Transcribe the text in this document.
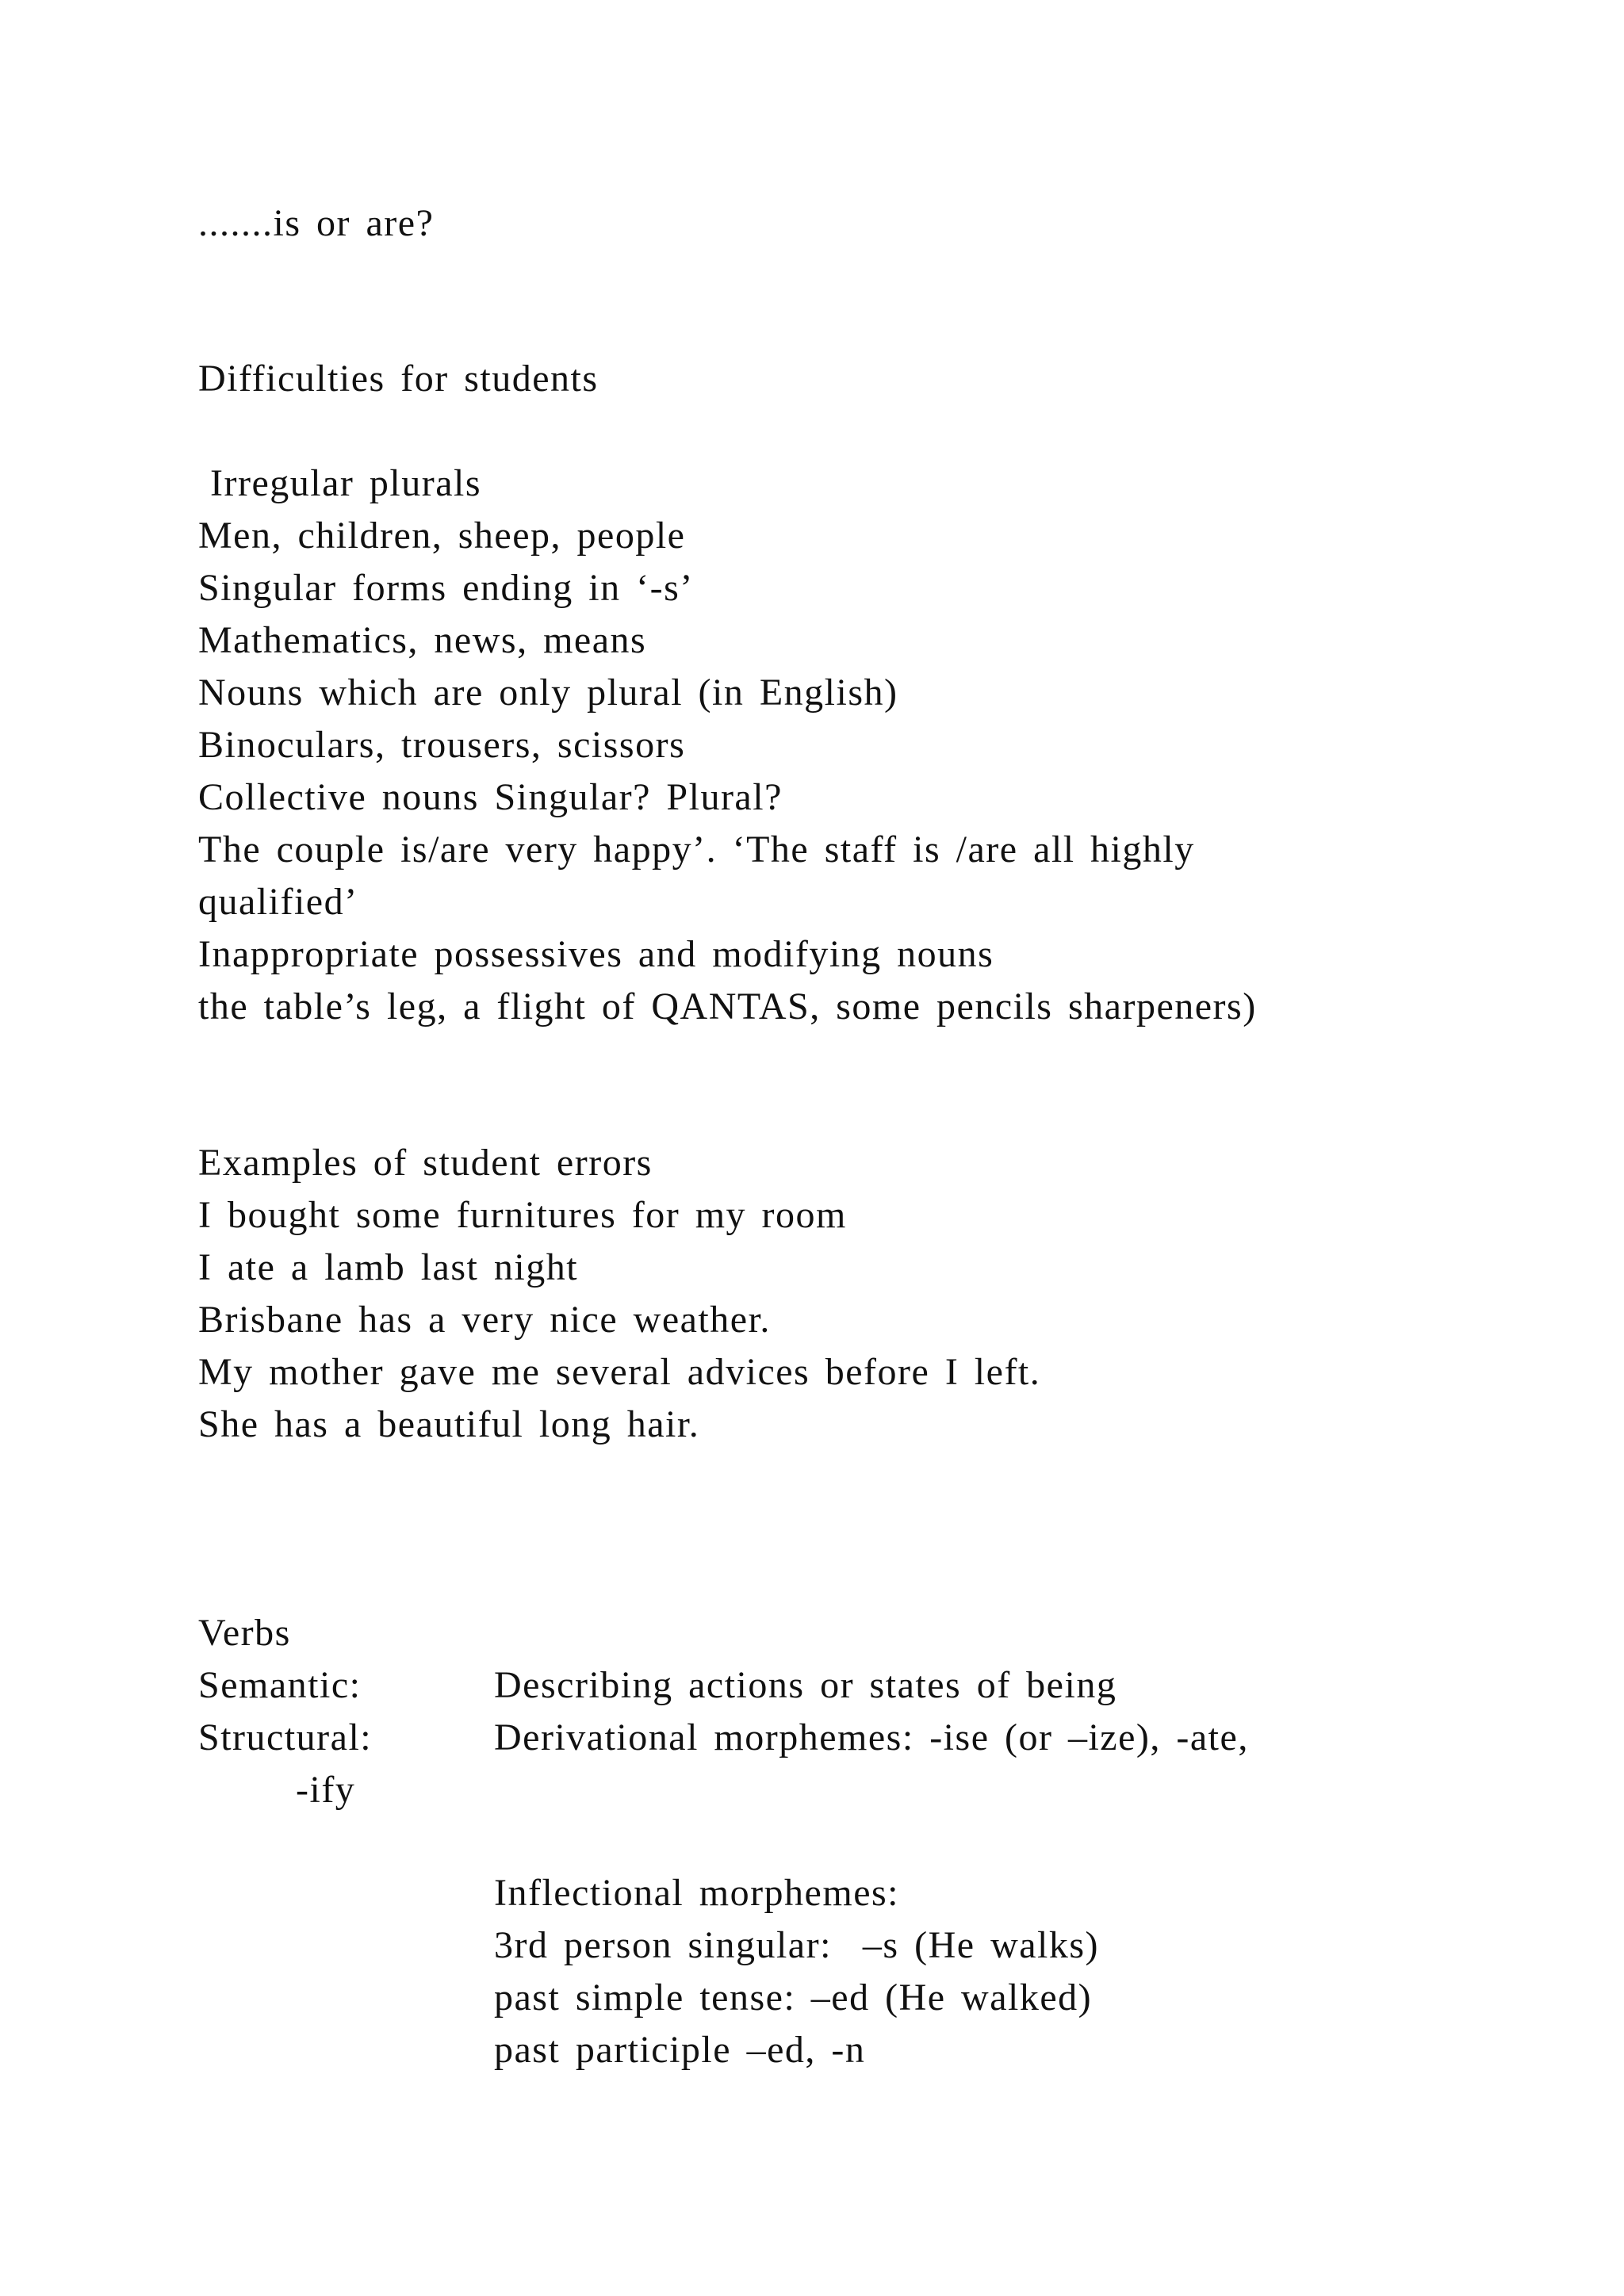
.......is or are?
Difficulties for students
Irregular plurals
Men, children, sheep, people
Singular forms ending in ‘-s’
Mathematics, news, means
Nouns which are only plural (in English)
Binoculars, trousers, scissors
Collective nouns Singular? Plural?
The couple is/are very happy’. ‘The staff is /are all highly
qualified’
Inappropriate possessives and modifying nouns
the table’s leg, a flight of QANTAS, some pencils sharpeners)
Examples of student errors
I bought some furnitures for my room
I ate a lamb last night
Brisbane has a very nice weather.
My mother gave me several advices before I left.
She has a beautiful long hair.
Verbs
Semantic:	Describing actions or states of being
Structural:	Derivational morphemes: -ise (or –ize), -ate,
-ify
Inflectional morphemes:
3rd person singular:  –s (He walks)
past simple tense: –ed (He walked)
past participle –ed, -n
